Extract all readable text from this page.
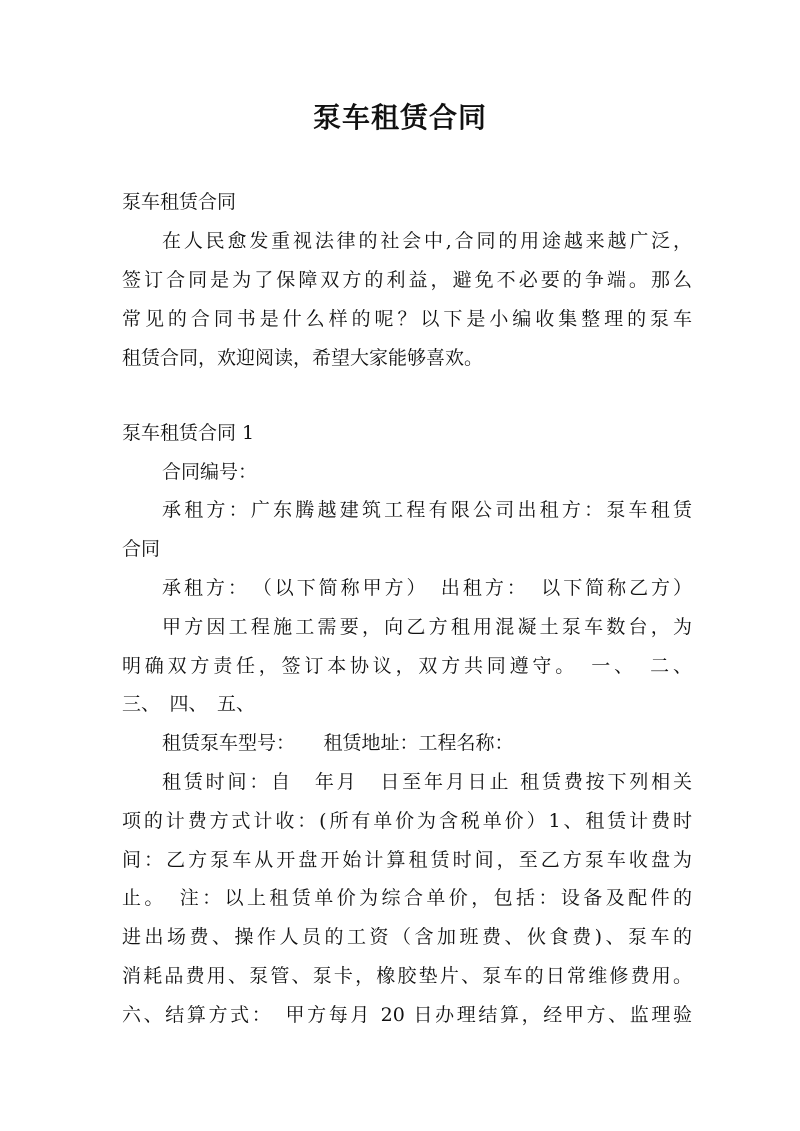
泵车租赁合同
泵车租赁合同
在人民愈发重视法律的社会中,合同的用途越来越广泛，
签订合同是为了保障双方的利益，避免不必要的争端。那么
常见的合同书是什么样的呢？以下是小编收集整理的泵车
租赁合同，欢迎阅读，希望大家能够喜欢。
泵车租赁合同 1
合同编号：
承租方：广东腾越建筑工程有限公司出租方：泵车租赁
合同
承租方：　（以下简称甲方）　出租方：　以下简称乙方）
甲方因工程施工需要，向乙方租用混凝土泵车数台，为
明确双方责任，签订本协议，双方共同遵守。　一、　二、
三、　四、　五、
租赁泵车型号：　　租赁地址：工程名称：
租赁时间：自　年月　日至年月日止 租赁费按下列相关
项的计费方式计收：(所有单价为含税单价）1、租赁计费时
间：乙方泵车从开盘开始计算租赁时间，至乙方泵车收盘为
止。　注：以上租赁单价为综合单价，包括：设备及配件的
进出场费、操作人员的工资（含加班费、伙食费)、泵车的
消耗品费用、泵管、泵卡，橡胶垫片、泵车的日常维修费用。
六、结算方式：　甲方每月 20 日办理结算，经甲方、监理验
